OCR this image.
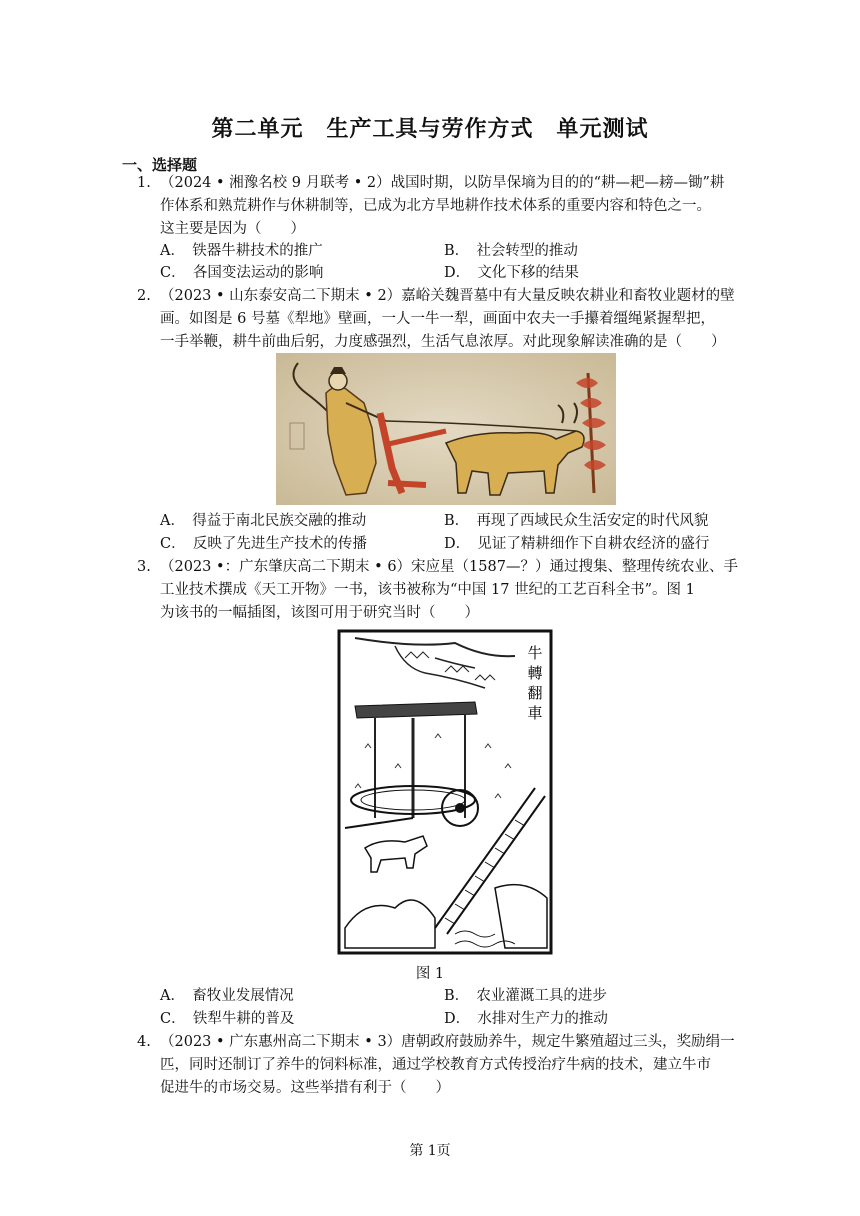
第二单元　生产工具与劳作方式　单元测试
一、选择题
1. （2024 • 湘豫名校 9 月联考 • 2）战国时期，以防旱保墒为目的的“耕—耙—耪—锄”耕
作体系和熟荒耕作与休耕制等，已成为北方旱地耕作技术体系的重要内容和特色之一。
这主要是因为（　　）
A． 铁器牛耕技术的推广	B． 社会转型的推动
C． 各国变法运动的影响	D． 文化下移的结果
2. （2023 • 山东泰安高二下期末 • 2）嘉峪关魏晋墓中有大量反映农耕业和畜牧业题材的壁
画。如图是 6 号墓《犁地》壁画，一人一牛一犁，画面中农夫一手攥着缰绳紧握犁把，
一手举鞭，耕牛前曲后躬，力度感强烈，生活气息浓厚。对此现象解读准确的是（　　）
A． 得益于南北民族交融的推动	B． 再现了西域民众生活安定的时代风貌
C． 反映了先进生产技术的传播	D． 见证了精耕细作下自耕农经济的盛行
3. （2023 •：广东肇庆高二下期末 • 6）宋应星（1587—？）通过搜集、整理传统农业、手
工业技术撰成《天工开物》一书，该书被称为“中国 17 世纪的工艺百科全书”。图 1
为该书的一幅插图，该图可用于研究当时（　　）
牛
轉
翻
車
图 1
A． 畜牧业发展情况	B． 农业灌溉工具的进步
C． 铁犁牛耕的普及	D． 水排对生产力的推动
4. （2023 • 广东惠州高二下期末 • 3）唐朝政府鼓励养牛，规定牛繁殖超过三头，奖励绢一
匹，同时还制订了养牛的饲料标准，通过学校教育方式传授治疗牛病的技术，建立牛市
促进牛的市场交易。这些举措有利于（　　）
第 1页
